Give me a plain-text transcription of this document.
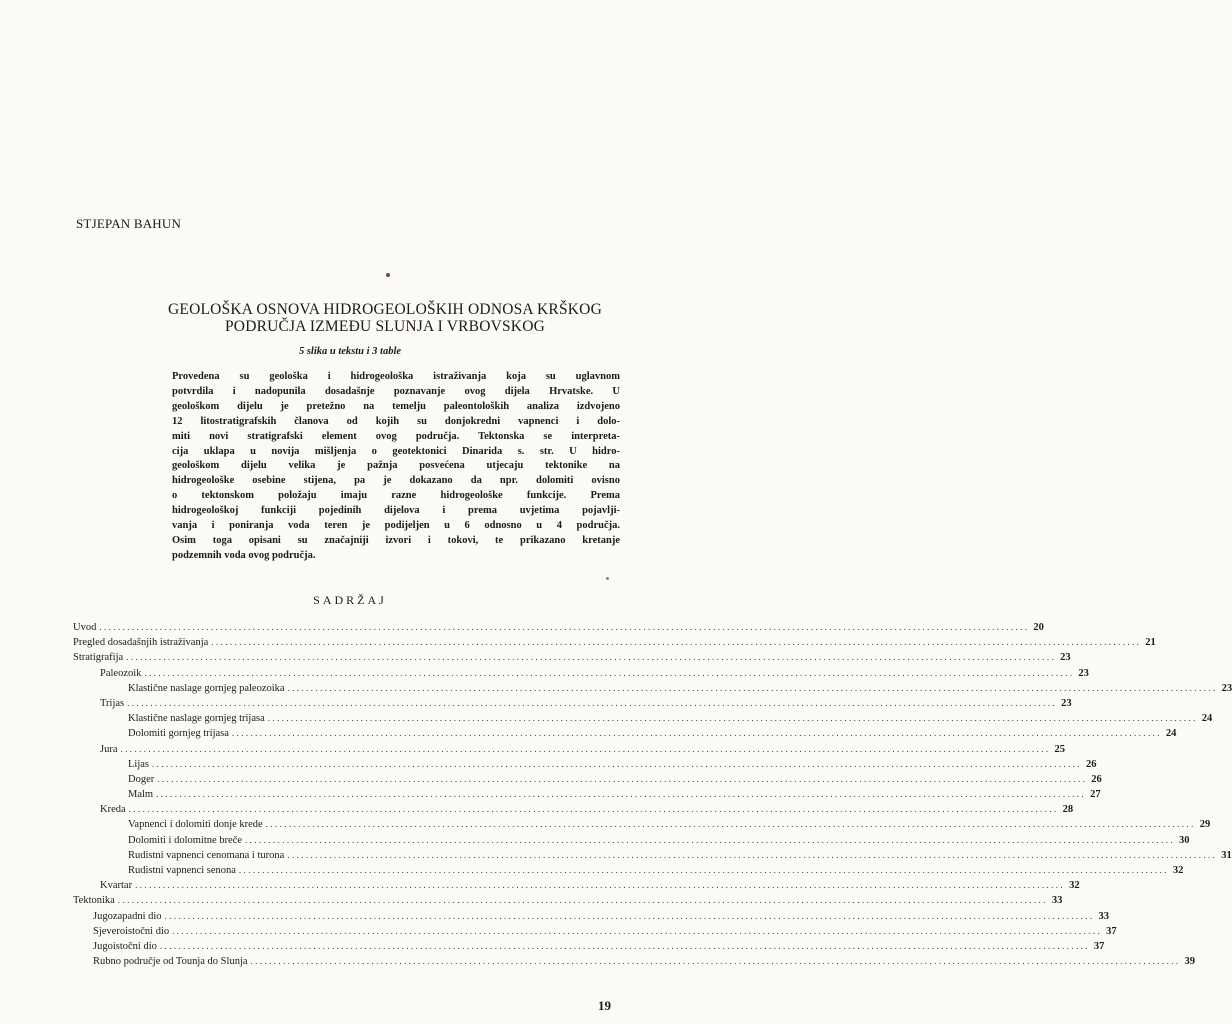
STJEPAN BAHUN
GEOLOŠKA OSNOVA HIDROGEOLOŠKIH ODNOSA KRŠKOG
PODRUČJA IZMEĐU SLUNJA I VRBOVSKOG
5 slika u tekstu i 3 table
Provedena su geološka i hidrogeološka istraživanja koja su uglavnom
potvrdila i nadopunila dosadašnje poznavanje ovog dijela Hrvatske. U
geološkom dijelu je pretežno na temelju paleontoloških analiza izdvojeno
12 litostratigrafskih članova od kojih su donjokredni vapnenci i dolo-
miti novi stratigrafski element ovog područja. Tektonska se interpreta-
cija uklapa u novija mišljenja o geotektonici Dinarida s. str. U hidro-
geološkom dijelu velika je pažnja posvećena utjecaju tektonike na
hidrogeološke osebine stijena, pa je dokazano da npr. dolomiti ovisno
o tektonskom položaju imaju razne hidrogeološke funkcije. Prema
hidrogeološkoj funkciji pojedinih dijelova i prema uvjetima pojavlji-
vanja i poniranja voda teren je podijeljen u 6 odnosno u 4 područja.
Osim toga opisani su značajniji izvori i tokovi, te prikazano kretanje
podzemnih voda ovog područja.
SADRŽAJ
Uvod ........................................................................................................................................................................................................ 20
Pregled dosadašnjih istraživanja ........................................................................................................................................................................................................ 21
Stratigrafija ........................................................................................................................................................................................................ 23
Paleozoik ........................................................................................................................................................................................................ 23
Klastične naslage gornjeg paleozoika ........................................................................................................................................................................................................ 23
Trijas ........................................................................................................................................................................................................ 23
Klastične naslage gornjeg trijasa ........................................................................................................................................................................................................ 24
Dolomiti gornjeg trijasa ........................................................................................................................................................................................................ 24
Jura ........................................................................................................................................................................................................ 25
Lijas ........................................................................................................................................................................................................ 26
Doger ........................................................................................................................................................................................................ 26
Malm ........................................................................................................................................................................................................ 27
Kreda ........................................................................................................................................................................................................ 28
Vapnenci i dolomiti donje krede ........................................................................................................................................................................................................ 29
Dolomiti i dolomitne breče ........................................................................................................................................................................................................ 30
Rudistni vapnenci cenomana i turona ........................................................................................................................................................................................................ 31
Rudistni vapnenci senona ........................................................................................................................................................................................................ 32
Kvartar ........................................................................................................................................................................................................ 32
Tektonika ........................................................................................................................................................................................................ 33
Jugozapadni dio ........................................................................................................................................................................................................ 33
Sjeveroistočni dio ........................................................................................................................................................................................................ 37
Jugoistočni dio ........................................................................................................................................................................................................ 37
Rubno područje od Tounja do Slunja ........................................................................................................................................................................................................ 39
19
